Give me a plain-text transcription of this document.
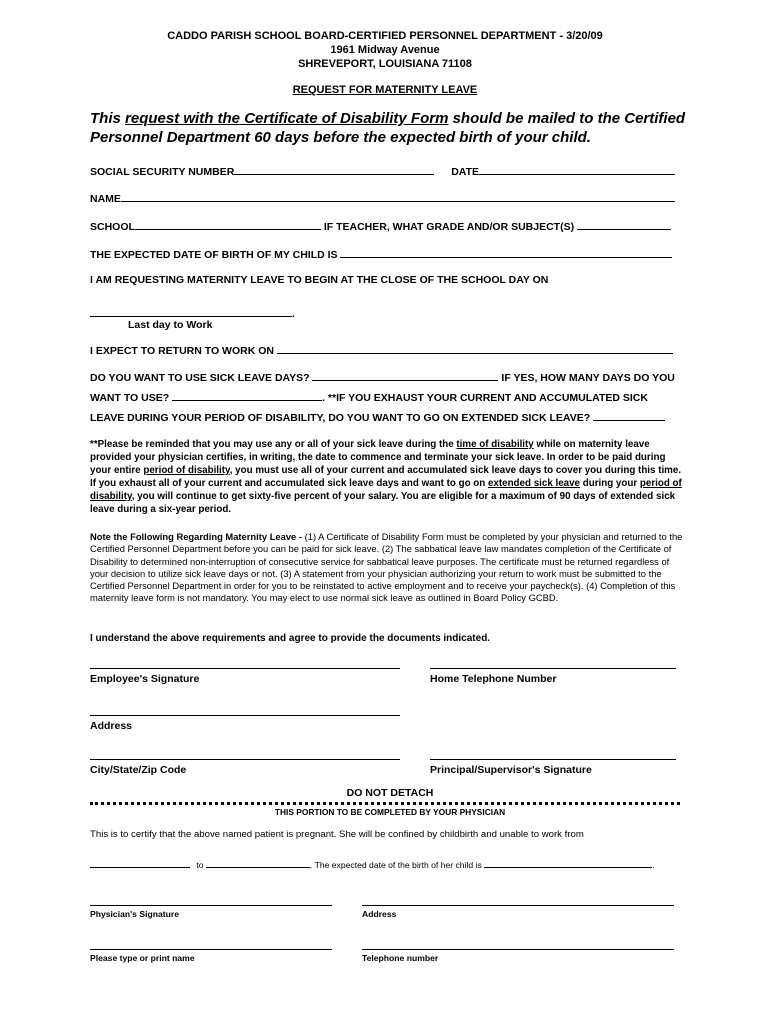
CADDO PARISH SCHOOL BOARD-CERTIFIED PERSONNEL DEPARTMENT - 3/20/09
1961 Midway Avenue
SHREVEPORT, LOUISIANA 71108
REQUEST FOR MATERNITY LEAVE
This request with the Certificate of Disability Form should be mailed to the Certified Personnel Department 60 days before the expected birth of your child.
SOCIAL SECURITY NUMBER	DATE
NAME
SCHOOL	IF TEACHER, WHAT GRADE AND/OR SUBJECT(S)
THE EXPECTED DATE OF BIRTH OF MY CHILD IS
I AM REQUESTING MATERNITY LEAVE TO BEGIN AT THE CLOSE OF THE SCHOOL DAY ON
.
Last day to Work
I EXPECT TO RETURN TO WORK ON
DO YOU WANT TO USE SICK LEAVE DAYS?	IF YES, HOW MANY DAYS DO YOU
WANT TO USE?	. **IF YOU EXHAUST YOUR CURRENT AND ACCUMULATED SICK
LEAVE DURING YOUR PERIOD OF DISABILITY, DO YOU WANT TO GO ON EXTENDED SICK LEAVE?
**Please be reminded that you may use any or all of your sick leave during the time of disability while on maternity leave provided your physician certifies, in writing, the date to commence and terminate your sick leave. In order to be paid during your entire period of disability, you must use all of your current and accumulated sick leave days to cover you during this time. If you exhaust all of your current and accumulated sick leave days and want to go on extended sick leave during your period of disability, you will continue to get sixty-five percent of your salary. You are eligible for a maximum of 90 days of extended sick leave during a six-year period.
Note the Following Regarding Maternity Leave - (1) A Certificate of Disability Form must be completed by your physician and returned to the Certified Personnel Department before you can be paid for sick leave. (2) The sabbatical leave law mandates completion of the Certificate of Disability to determined non-interruption of consecutive service for sabbatical leave purposes. The certificate must be returned regardless of your decision to utilize sick leave days or not. (3) A statement from your physician authorizing your return to work must be submitted to the Certified Personnel Department in order for you to be reinstated to active employment and to receive your paycheck(s). (4) Completion of this maternity leave form is not mandatory. You may elect to use normal sick leave as outlined in Board Policy GCBD.
I understand the above requirements and agree to provide the documents indicated.
Employee's Signature	Home Telephone Number
Address
City/State/Zip Code	Principal/Supervisor's Signature
DO NOT DETACH
THIS PORTION TO BE COMPLETED BY YOUR PHYSICIAN
This is to certify that the above named patient is pregnant. She will be confined by childbirth and unable to work from
to	. The expected date of the birth of her child is	.
Physician's Signature	Address
Please type or print name	Telephone number
